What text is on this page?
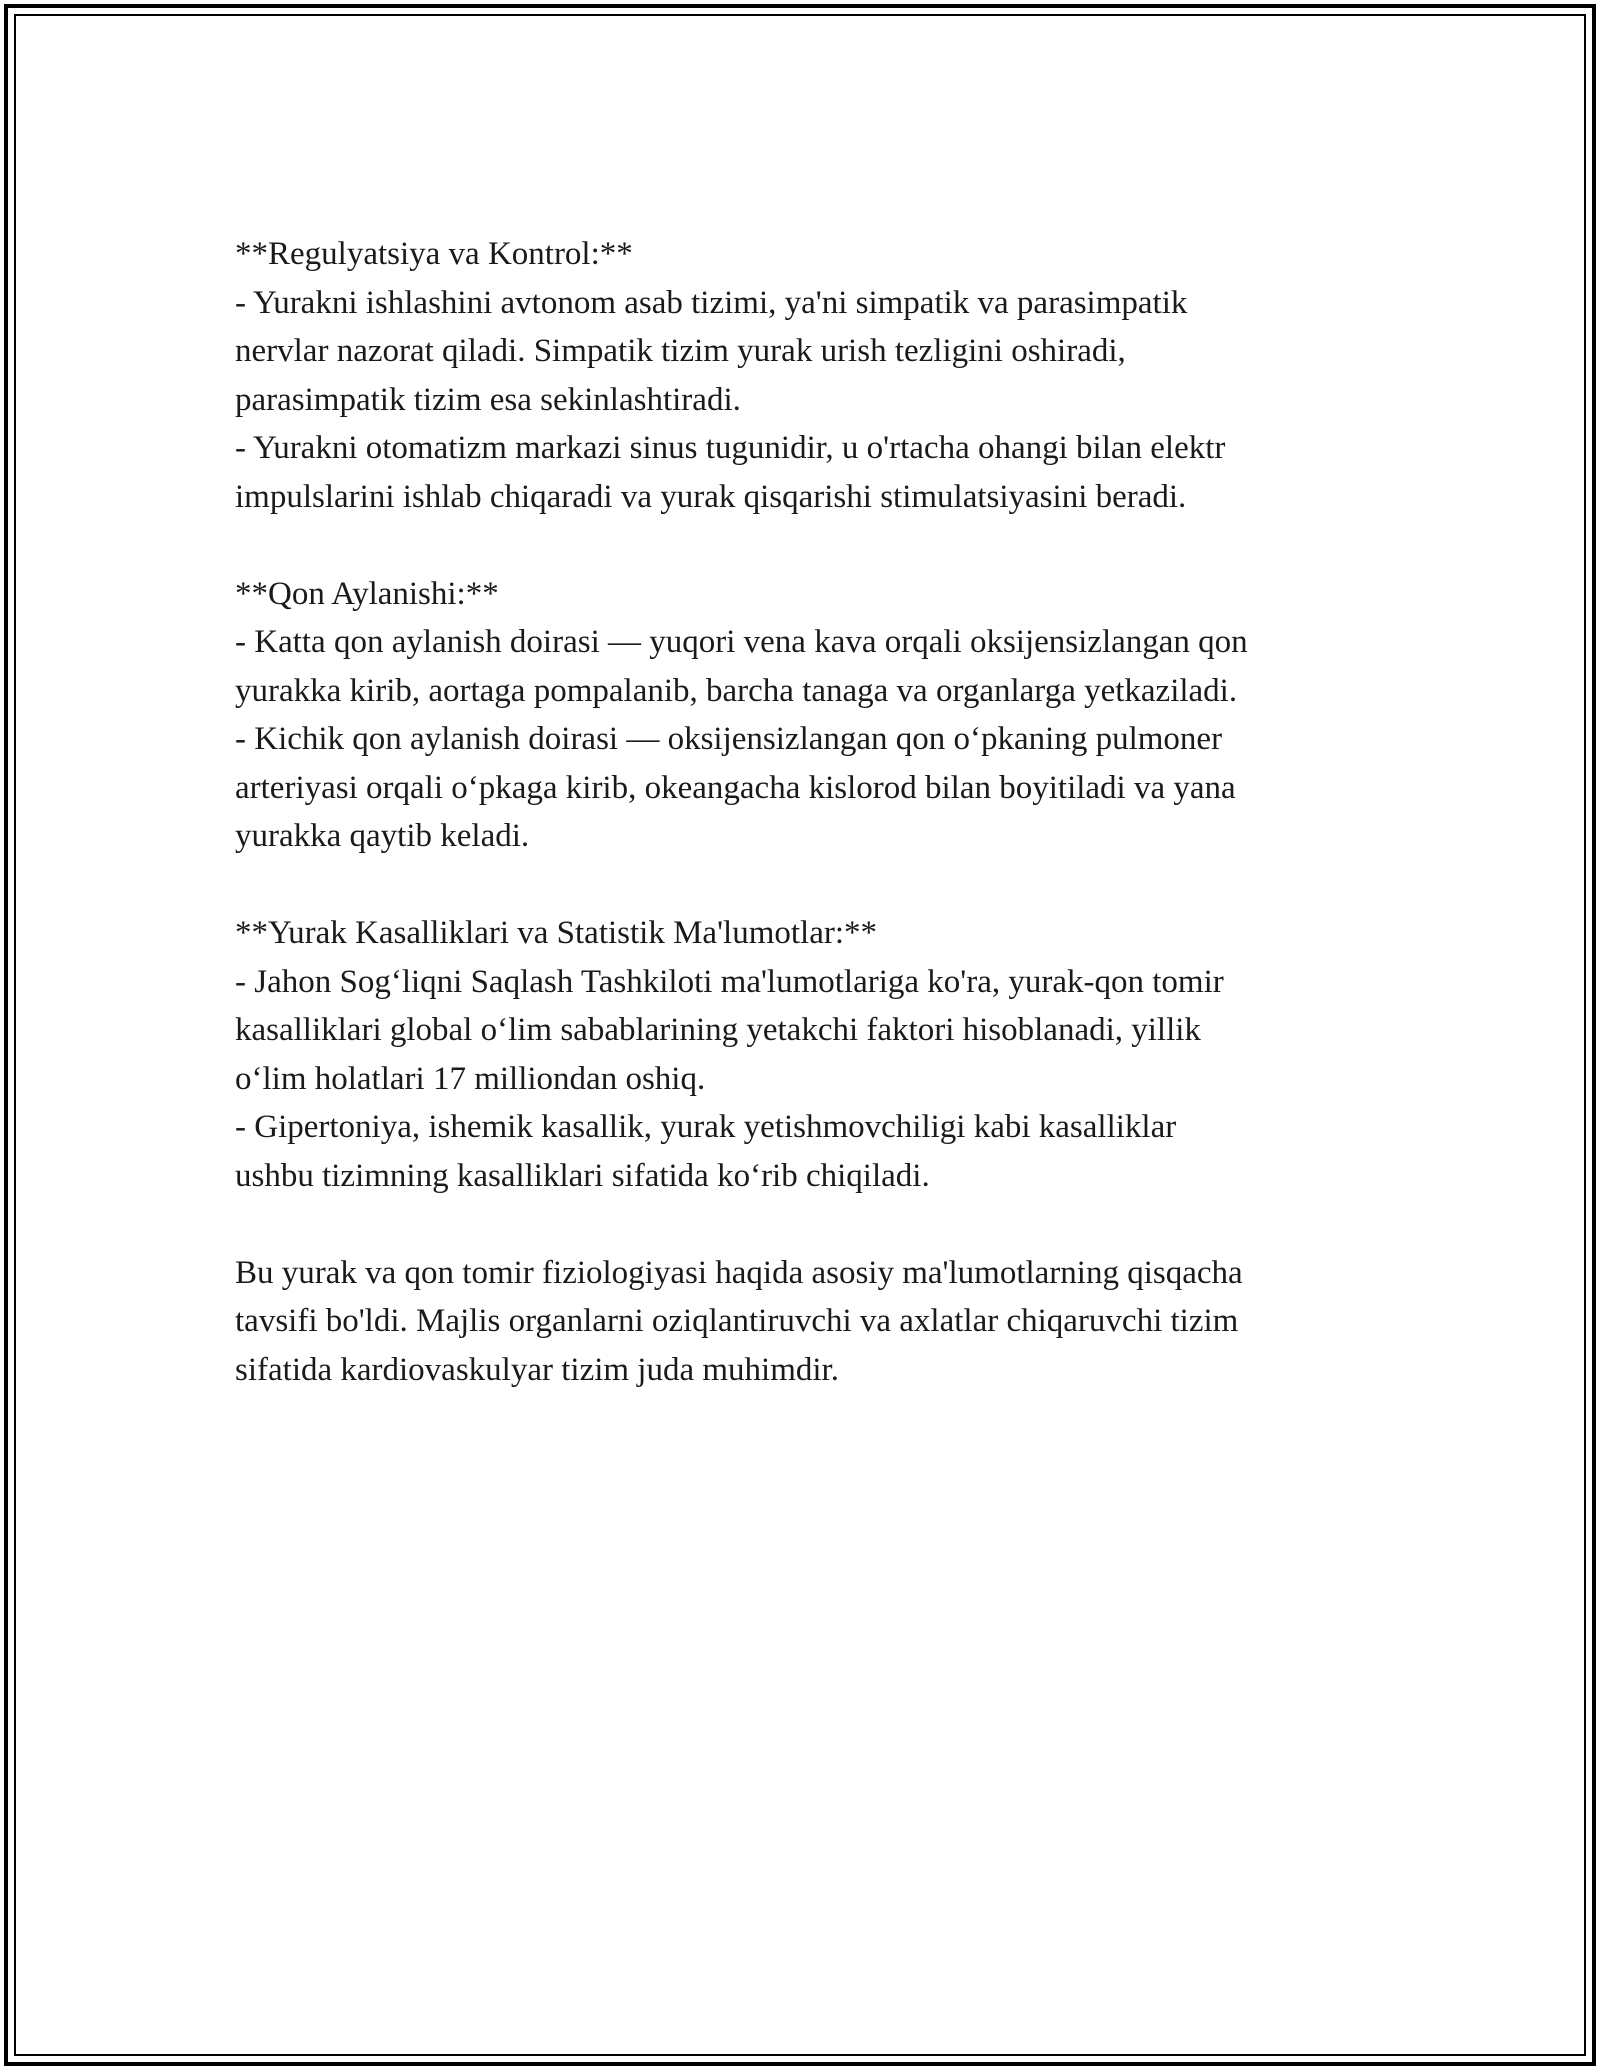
**Regulyatsiya va Kontrol:**
- Yurakni ishlashini avtonom asab tizimi, ya'ni simpatik va parasimpatik
nervlar nazorat qiladi. Simpatik tizim yurak urish tezligini oshiradi,
parasimpatik tizim esa sekinlashtiradi.
- Yurakni otomatizm markazi sinus tugunidir, u o'rtacha ohangi bilan elektr
impulslarini ishlab chiqaradi va yurak qisqarishi stimulatsiyasini beradi.
**Qon Aylanishi:**
- Katta qon aylanish doirasi — yuqori vena kava orqali oksijensizlangan qon
yurakka kirib, aortaga pompalanib, barcha tanaga va organlarga yetkaziladi.
- Kichik qon aylanish doirasi — oksijensizlangan qon o‘pkaning pulmoner
arteriyasi orqali o‘pkaga kirib, okeangacha kislorod bilan boyitiladi va yana
yurakka qaytib keladi.
**Yurak Kasalliklari va Statistik Ma'lumotlar:**
- Jahon Sog‘liqni Saqlash Tashkiloti ma'lumotlariga ko'ra, yurak-qon tomir
kasalliklari global o‘lim sabablarining yetakchi faktori hisoblanadi, yillik
o‘lim holatlari 17 milliondan oshiq.
- Gipertoniya, ishemik kasallik, yurak yetishmovchiligi kabi kasalliklar
ushbu tizimning kasalliklari sifatida ko‘rib chiqiladi.
Bu yurak va qon tomir fiziologiyasi haqida asosiy ma'lumotlarning qisqacha
tavsifi bo'ldi. Majlis organlarni oziqlantiruvchi va axlatlar chiqaruvchi tizim
sifatida kardiovaskulyar tizim juda muhimdir.
